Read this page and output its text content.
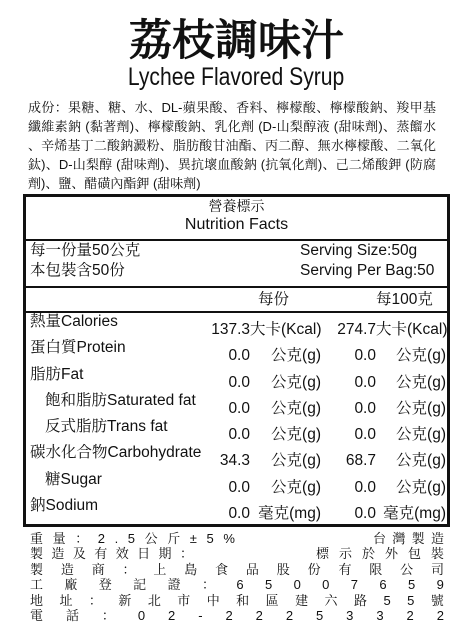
荔枝調味汁
Lychee Flavored Syrup
成份：果糖、糖、水、DL-蘋果酸、香料、檸檬酸、檸檬酸鈉、羧甲基
纖維素鈉 (黏著劑)、檸檬酸鈉、乳化劑 (D-山梨醇液 (甜味劑)、蒸餾水
、辛烯基丁二酸鈉澱粉、脂肪酸甘油酯、丙二醇、無水檸檬酸、二氧化
鈦)、D-山梨醇 (甜味劑)、異抗壞血酸鈉 (抗氧化劑)、己二烯酸鉀 (防腐
劑)、鹽、醋磺內酯鉀 (甜味劑)
營養標示
Nutrition Facts
每一份量50公克
本包裝含50份
Serving Size:50g
Serving Per Bag:50
每份	每100克
熱量Calories	137.3 大卡(Kcal)	274.7 大卡(Kcal)
蛋白質Protein	0.0	公克(g)	0.0	公克(g)
脂肪Fat	0.0	公克(g)	0.0	公克(g)
飽和脂肪Saturated fat	0.0	公克(g)	0.0	公克(g)
反式脂肪Trans fat	0.0	公克(g)	0.0	公克(g)
碳水化合物Carbohydrate	34.3	公克(g)	68.7	公克(g)
糖Sugar	0.0	公克(g)	0.0	公克(g)
鈉Sodium	0.0 毫克(mg)	0.0 毫克(mg)
重 量 ： 2 . 5 公 斤 ± 5 %	台 灣 製 造
製 造 及 有 效 日 期 ：	標 示 於 外 包 裝
製 造 商 ： 上 島 食 品 股 份 有 限 公 司
工 廠 登 記 證 ： 6 5 0 0 7 6 5 9
地 址 ： 新 北 市 中 和 區 建 六 路 5 5 號
電 話 ： 0 2 - 2 2 2 5 3 3 2 2
